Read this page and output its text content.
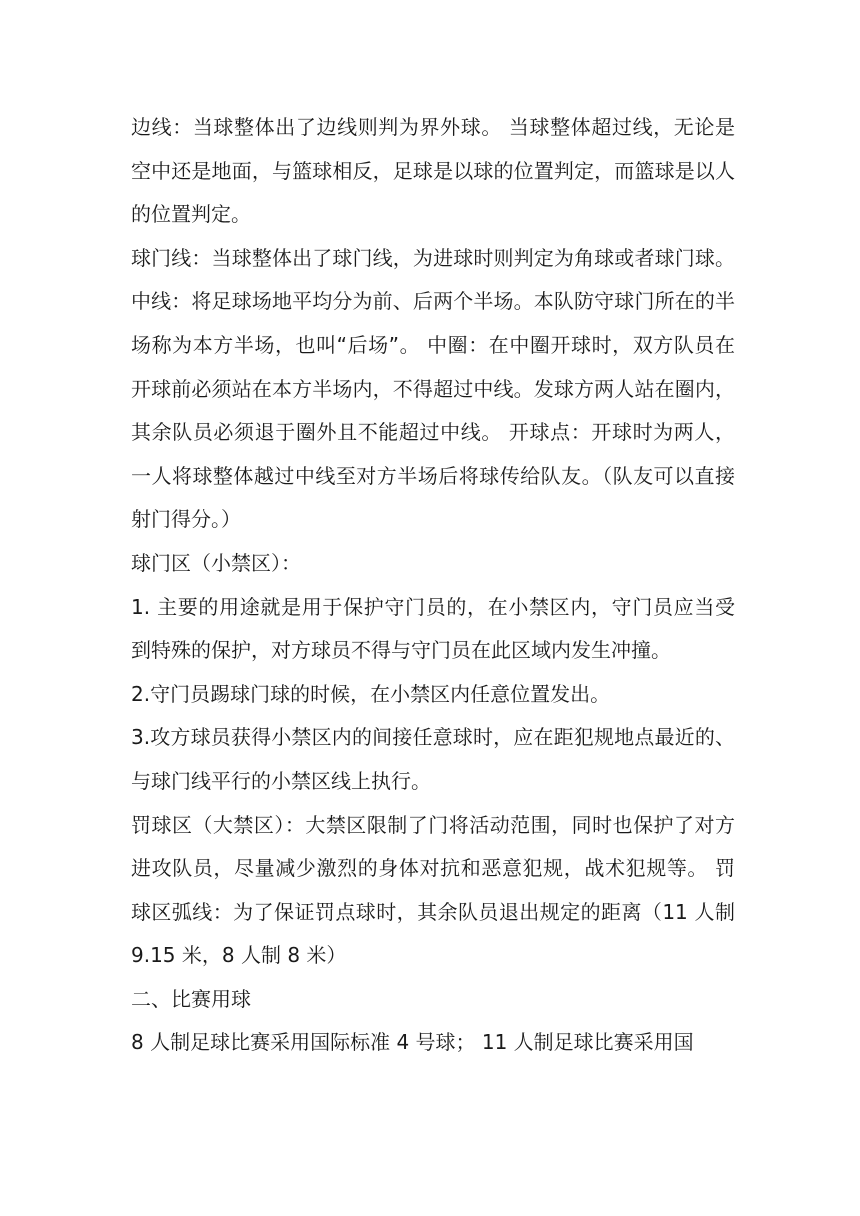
边线：当球整体出了边线则判为界外球。 当球整体超过线，无论是空中还是地面，与篮球相反，足球是以球的位置判定，而篮球是以人的位置判定。

球门线：当球整体出了球门线，为进球时则判定为角球或者球门球。 中线：将足球场地平均分为前、后两个半场。本队防守球门所在的半场称为本方半场，也叫“后场”。 中圈：在中圈开球时，双方队员在开球前必须站在本方半场内，不得超过中线。发球方两人站在圈内，其余队员必须退于圈外且不能超过中线。 开球点：开球时为两人，一人将球整体越过中线至对方半场后将球传给队友。（队友可以直接射门得分。）

球门区（小禁区）：

1. 主要的用途就是用于保护守门员的，在小禁区内，守门员应当受到特殊的保护，对方球员不得与守门员在此区域内发生冲撞。

2.守门员踢球门球的时候，在小禁区内任意位置发出。

3.攻方球员获得小禁区内的间接任意球时，应在距犯规地点最近的、与球门线平行的小禁区线上执行。

罚球区（大禁区）：大禁区限制了门将活动范围，同时也保护了对方进攻队员，尽量减少激烈的身体对抗和恶意犯规，战术犯规等。 罚球区弧线：为了保证罚点球时，其余队员退出规定的距离（11 人制 9.15 米，8 人制 8 米）

二、比赛用球

8 人制足球比赛采用国际标准 4 号球； 11 人制足球比赛采用国
